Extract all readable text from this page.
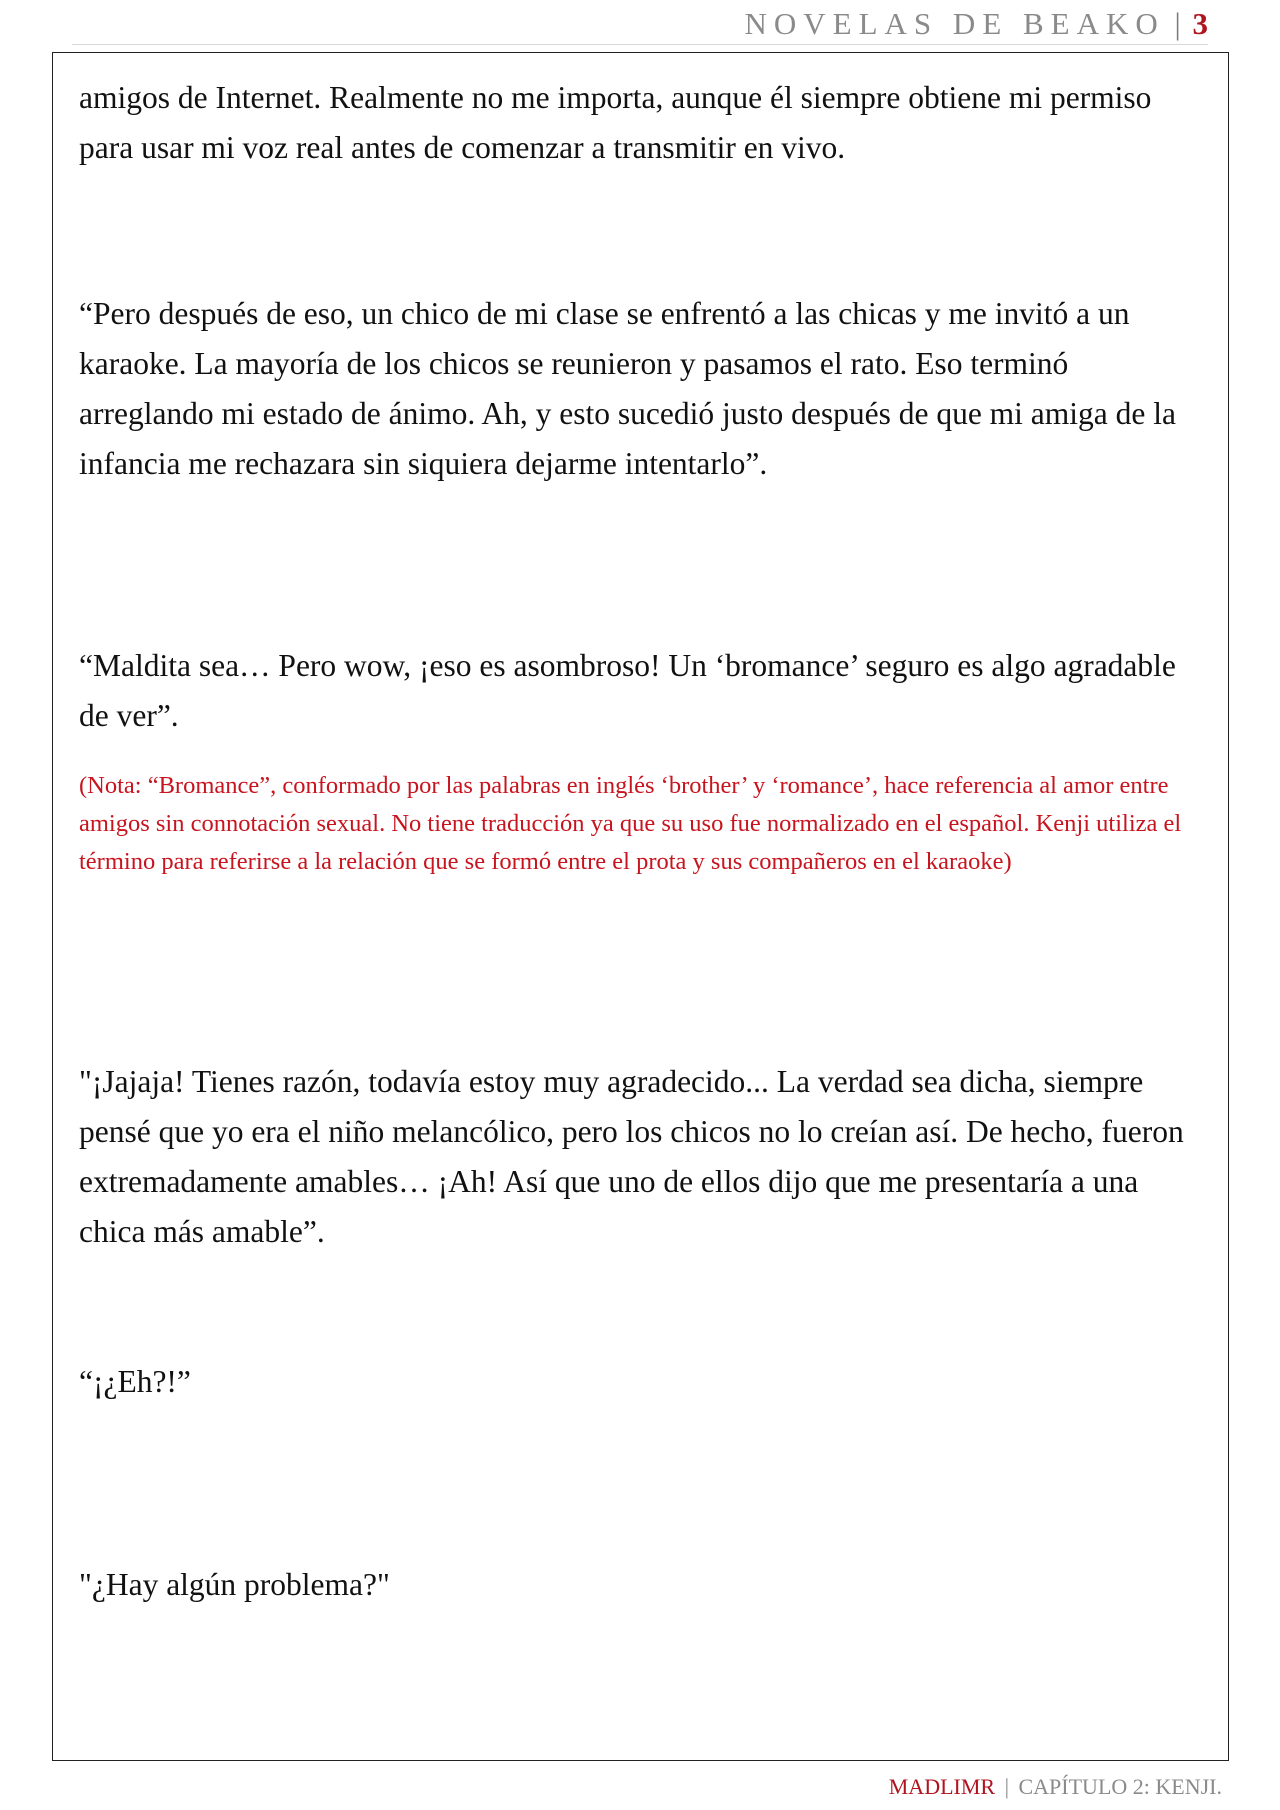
NOVELAS DE BEAKO | 3

amigos de Internet. Realmente no me importa, aunque él siempre obtiene mi permiso para usar mi voz real antes de comenzar a transmitir en vivo.

“Pero después de eso, un chico de mi clase se enfrentó a las chicas y me invitó a un karaoke. La mayoría de los chicos se reunieron y pasamos el rato. Eso terminó arreglando mi estado de ánimo. Ah, y esto sucedió justo después de que mi amiga de la infancia me rechazara sin siquiera dejarme intentarlo”.

“Maldita sea… Pero wow, ¡eso es asombroso! Un ‘bromance’ seguro es algo agradable de ver”.

(Nota: “Bromance”, conformado por las palabras en inglés ‘brother’ y ‘romance’, hace referencia al amor entre amigos sin connotación sexual. No tiene traducción ya que su uso fue normalizado en el español. Kenji utiliza el término para referirse a la relación que se formó entre el prota y sus compañeros en el karaoke)

"¡Jajaja! Tienes razón, todavía estoy muy agradecido... La verdad sea dicha, siempre pensé que yo era el niño melancólico, pero los chicos no lo creían así. De hecho, fueron extremadamente amables… ¡Ah! Así que uno de ellos dijo que me presentaría a una chica más amable”.

“¡¿Eh?!”

"¿Hay algún problema?"

MADLIMR | CAPÍTULO 2: KENJI.
